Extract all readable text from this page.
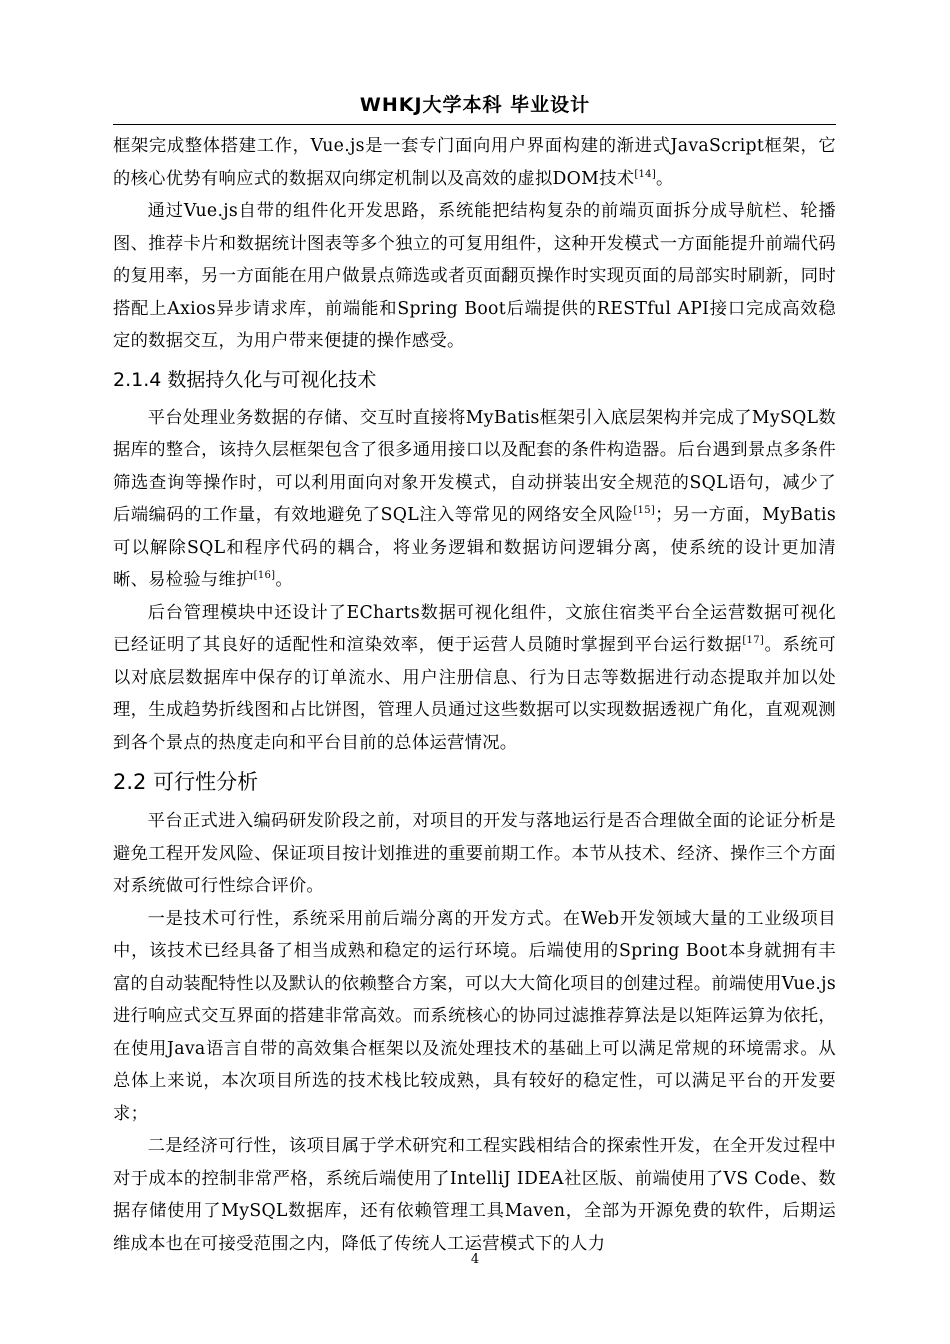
WHKJ大学本科 毕业设计

框架完成整体搭建工作，Vue.js是一套专门面向用户界面构建的渐进式JavaScript框架，它的核心优势有响应式的数据双向绑定机制以及高效的虚拟DOM技术[14]。

通过Vue.js自带的组件化开发思路，系统能把结构复杂的前端页面拆分成导航栏、轮播图、推荐卡片和数据统计图表等多个独立的可复用组件，这种开发模式一方面能提升前端代码的复用率，另一方面能在用户做景点筛选或者页面翻页操作时实现页面的局部实时刷新，同时搭配上Axios异步请求库，前端能和Spring Boot后端提供的RESTful API接口完成高效稳定的数据交互，为用户带来便捷的操作感受。

2.1.4 数据持久化与可视化技术

平台处理业务数据的存储、交互时直接将MyBatis框架引入底层架构并完成了MySQL数据库的整合，该持久层框架包含了很多通用接口以及配套的条件构造器。后台遇到景点多条件筛选查询等操作时，可以利用面向对象开发模式，自动拼装出安全规范的SQL语句，减少了后端编码的工作量，有效地避免了SQL注入等常见的网络安全风险[15]；另一方面，MyBatis可以解除SQL和程序代码的耦合，将业务逻辑和数据访问逻辑分离，使系统的设计更加清晰、易检验与维护[16]。

后台管理模块中还设计了ECharts数据可视化组件，文旅住宿类平台全运营数据可视化已经证明了其良好的适配性和渲染效率，便于运营人员随时掌握到平台运行数据[17]。系统可以对底层数据库中保存的订单流水、用户注册信息、行为日志等数据进行动态提取并加以处理，生成趋势折线图和占比饼图，管理人员通过这些数据可以实现数据透视广角化，直观观测到各个景点的热度走向和平台目前的总体运营情况。

2.2 可行性分析

平台正式进入编码研发阶段之前，对项目的开发与落地运行是否合理做全面的论证分析是避免工程开发风险、保证项目按计划推进的重要前期工作。本节从技术、经济、操作三个方面对系统做可行性综合评价。

一是技术可行性，系统采用前后端分离的开发方式。在Web开发领域大量的工业级项目中，该技术已经具备了相当成熟和稳定的运行环境。后端使用的Spring Boot本身就拥有丰富的自动装配特性以及默认的依赖整合方案，可以大大简化项目的创建过程。前端使用Vue.js进行响应式交互界面的搭建非常高效。而系统核心的协同过滤推荐算法是以矩阵运算为依托，在使用Java语言自带的高效集合框架以及流处理技术的基础上可以满足常规的环境需求。从总体上来说，本次项目所选的技术栈比较成熟，具有较好的稳定性，可以满足平台的开发要求；

二是经济可行性，该项目属于学术研究和工程实践相结合的探索性开发，在全开发过程中对于成本的控制非常严格，系统后端使用了IntelliJ IDEA社区版、前端使用了VS Code、数据存储使用了MySQL数据库，还有依赖管理工具Maven，全部为开源免费的软件，后期运维成本也在可接受范围之内，降低了传统人工运营模式下的人力

4
